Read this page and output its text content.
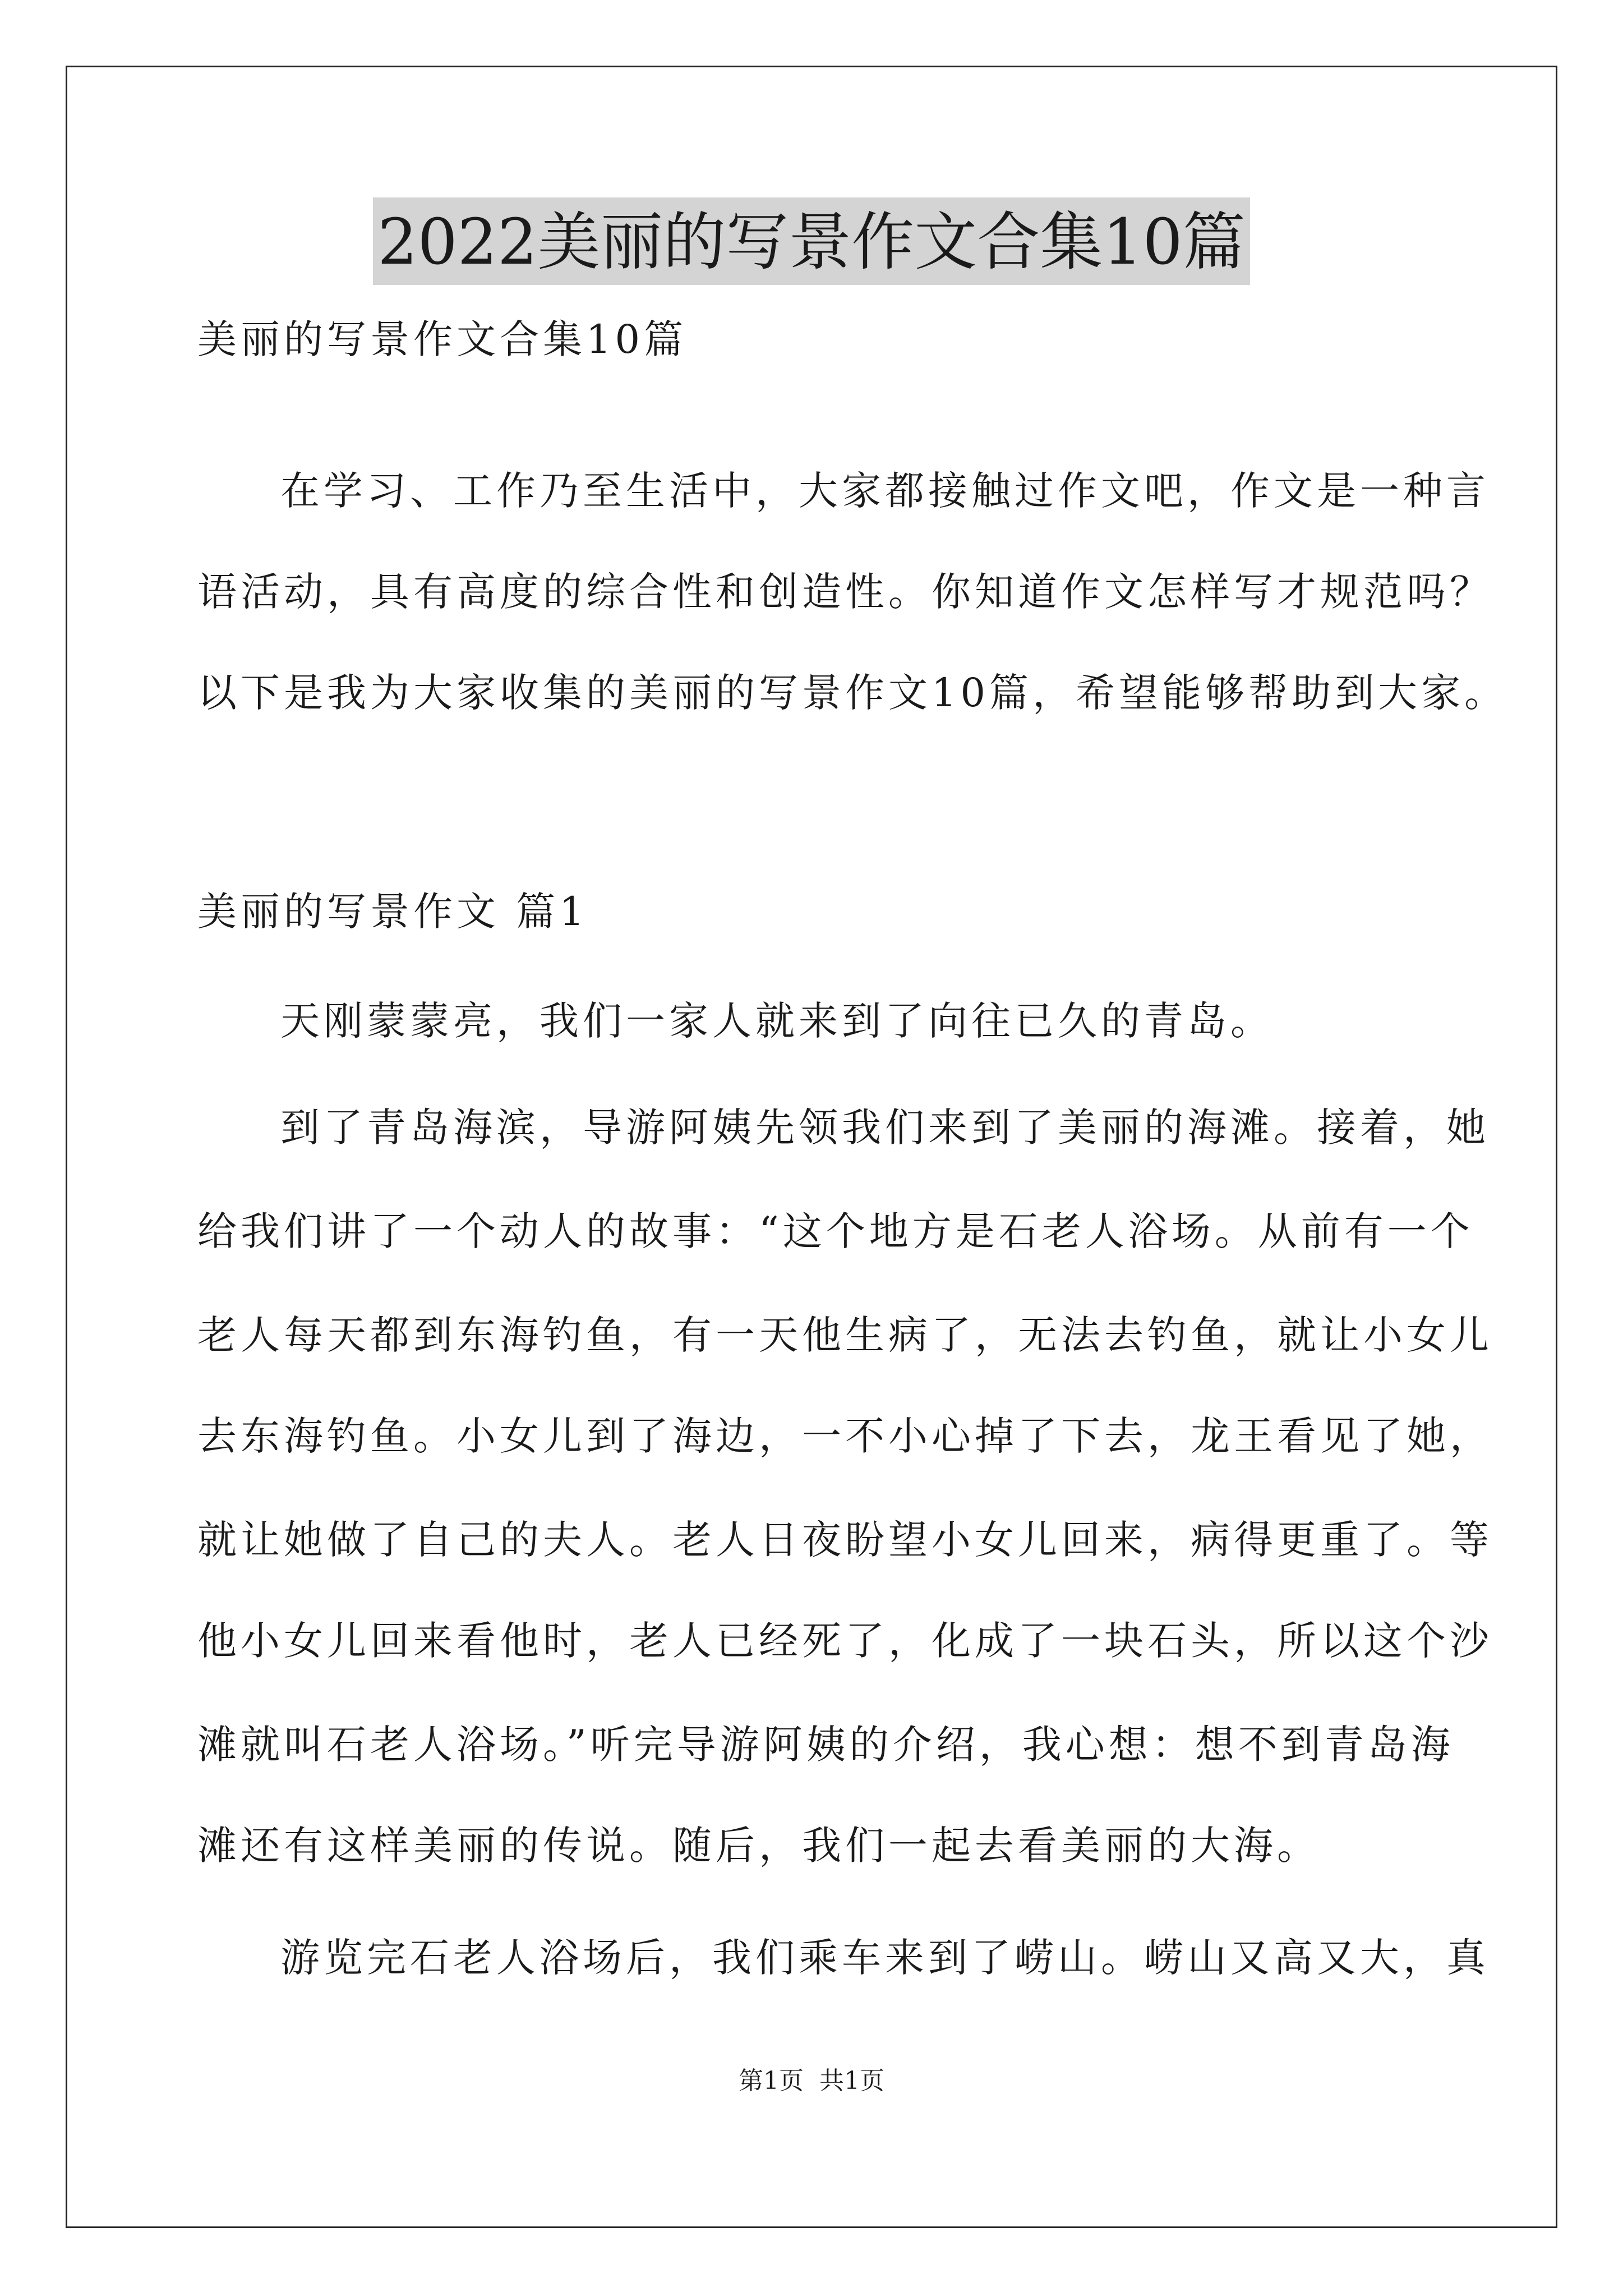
2022美丽的写景作文合集10篇
美丽的写景作文合集10篇
在学习、工作乃至生活中，大家都接触过作文吧，作文是一种言
语活动，具有高度的综合性和创造性。你知道作文怎样写才规范吗？
以下是我为大家收集的美丽的写景作文10篇，希望能够帮助到大家。
美丽的写景作文 篇1
天刚蒙蒙亮，我们一家人就来到了向往已久的青岛。
到了青岛海滨，导游阿姨先领我们来到了美丽的海滩。接着，她
给我们讲了一个动人的故事：“这个地方是石老人浴场。从前有一个
老人每天都到东海钓鱼，有一天他生病了，无法去钓鱼，就让小女儿
去东海钓鱼。小女儿到了海边，一不小心掉了下去，龙王看见了她，
就让她做了自己的夫人。老人日夜盼望小女儿回来，病得更重了。等
他小女儿回来看他时，老人已经死了，化成了一块石头，所以这个沙
滩就叫石老人浴场。”听完导游阿姨的介绍，我心想：想不到青岛海
滩还有这样美丽的传说。随后，我们一起去看美丽的大海。
游览完石老人浴场后，我们乘车来到了崂山。崂山又高又大，真
第1页 共1页
